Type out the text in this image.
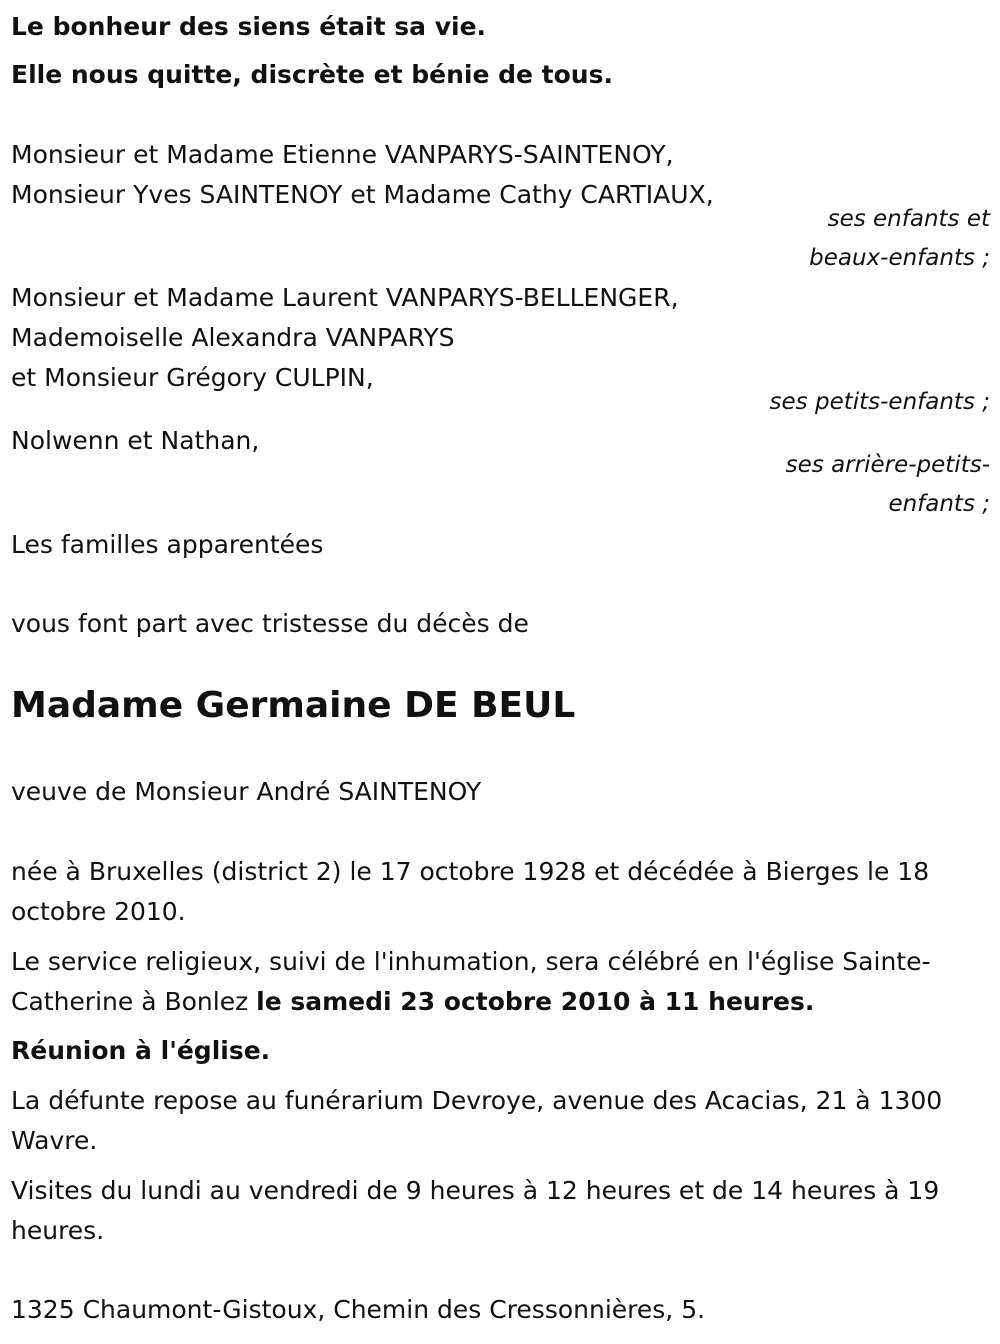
Le bonheur des siens était sa vie.

Elle nous quitte, discrète et bénie de tous.

Monsieur et Madame Etienne VANPARYS-SAINTENOY,

Monsieur Yves SAINTENOY et Madame Cathy CARTIAUX,

ses enfants et

beaux-enfants ;

Monsieur et Madame Laurent VANPARYS-BELLENGER,

Mademoiselle Alexandra VANPARYS

et Monsieur Grégory CULPIN,

ses petits-enfants ;

Nolwenn et Nathan,

ses arrière-petits-

enfants ;

Les familles apparentées

vous font part avec tristesse du décès de

Madame Germaine DE BEUL

veuve de Monsieur André SAINTENOY

née à Bruxelles (district 2) le 17 octobre 1928 et décédée à Bierges le 18 octobre 2010.

Le service religieux, suivi de l'inhumation, sera célébré en l'église Sainte-Catherine à Bonlez le samedi 23 octobre 2010 à 11 heures.

Réunion à l'église.

La défunte repose au funérarium Devroye, avenue des Acacias, 21 à 1300 Wavre.

Visites du lundi au vendredi de 9 heures à 12 heures et de 14 heures à 19 heures.

1325 Chaumont-Gistoux, Chemin des Cressonnières, 5.
